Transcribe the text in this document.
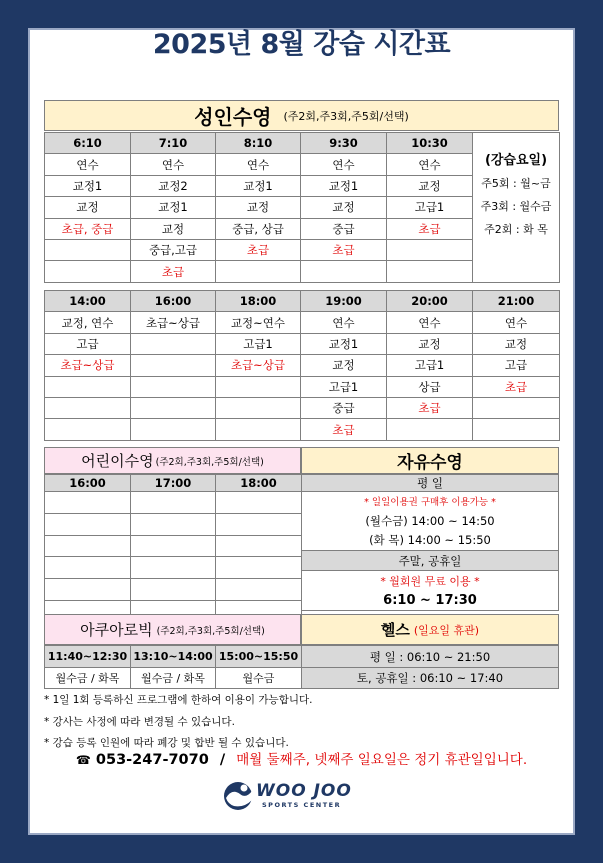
2025년 8월 강습 시간표
성인수영 (주2회,주3회,주5회/선택)
6:10	7:10	8:10	9:30	10:30	(강습요일)
주5회 : 월~금
주3회 : 월수금
주2회 : 화 목

연수	연수	연수	연수	연수	
교정1	교정2	교정1	교정1	교정	
교정	교정1	교정	교정	고급1	
초급, 중급	교정	중급, 상급	중급	초급	
	중급,고급	초급	초급		
	초급				
14:00	16:00	18:00	19:00	20:00	21:00
교정, 연수	초급~상급	교정~연수	연수	연수	연수
고급		고급1	교정1	교정	교정
초급~상급		초급~상급	교정	고급1	고급
			고급1	상급	초급
			중급	초급	
			초급		
어린이수영 (주2회,주3회,주5회/선택)
16:00	17:00	18:00

자유수영
평 일

* 일일이용권 구매후 이용가능 *
(월수금) 14:00 ~ 14:50
(화 목) 14:00 ~ 15:50

주말, 공휴일

* 월회원 무료 이용 *
6:10 ~ 17:30
아쿠아로빅 (주2회,주3회,주5회/선택)
11:40~12:30	13:10~14:00	15:00~15:50
월수금 / 화목	월수금 / 화목	월수금
헬스 (일요일 휴관)
평 일 : 06:10 ~ 21:50
토, 공휴일 : 06:10 ~ 17:40
* 1일 1회 등록하신 프로그램에 한하여 이용이 가능합니다.
* 강사는 사정에 따라 변경될 수 있습니다.
* 강습 등록 인원에 따라 폐강 및 합반 될 수 있습니다.
☎ 053-247-7070 / 매월 둘째주, 넷째주 일요일은 정기 휴관일입니다.
WOO JOO
SPORTS CENTER
